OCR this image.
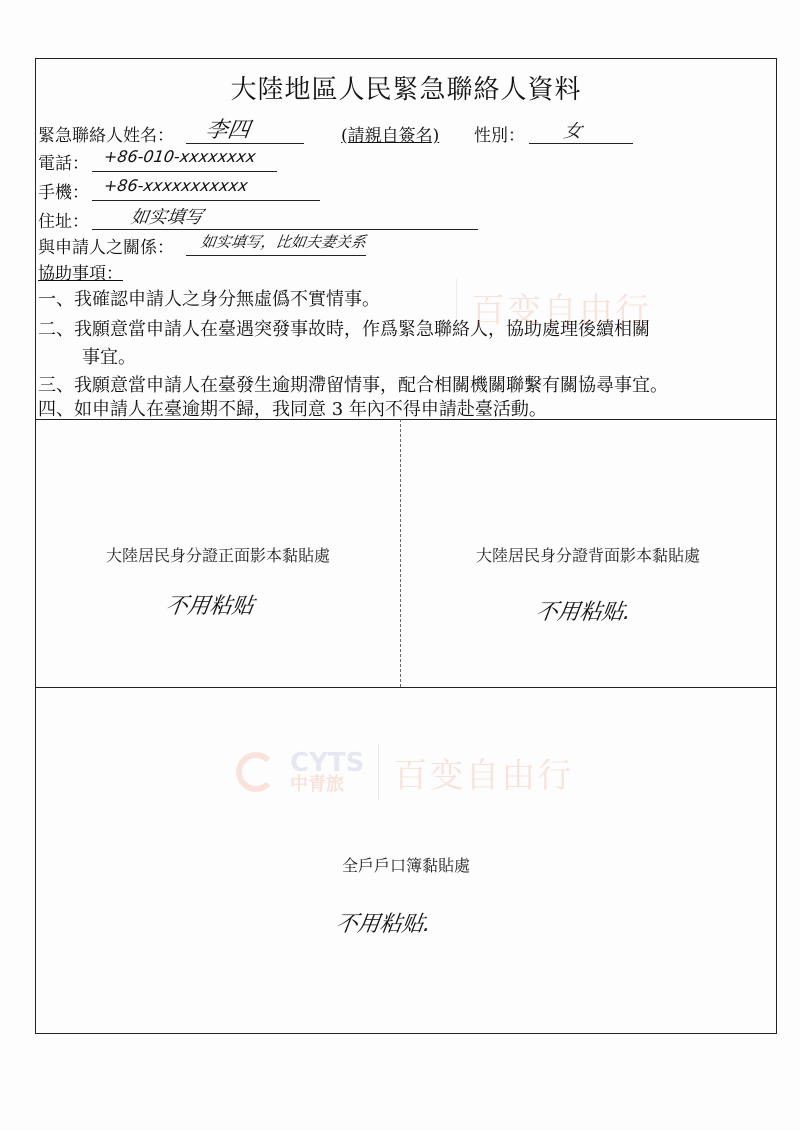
大陸地區人民緊急聯絡人資料
緊急聯絡人姓名： 李四	(請親自簽名) 性別： 女
電話： +86-010-xxxxxxxx
手機： +86-xxxxxxxxxxx
住址： 如实填写
與申請人之關係： 如实填写，比如夫妻关系
協助事項：
一、我確認申請人之身分無虛僞不實情事。
二、我願意當申請人在臺遇突發事故時，作爲緊急聯絡人，協助處理後續相關
事宜。
三、我願意當申請人在臺發生逾期滯留情事，配合相關機關聯繫有關協尋事宜。
四、如申請人在臺逾期不歸，我同意 3 年內不得申請赴臺活動。
百变自由行
CYTS
中青旅	百变自由行
大陸居民身分證正面影本黏貼處
不用粘贴
大陸居民身分證背面影本黏貼處
不用粘贴.
全戶戶口簿黏貼處
不用粘贴.
